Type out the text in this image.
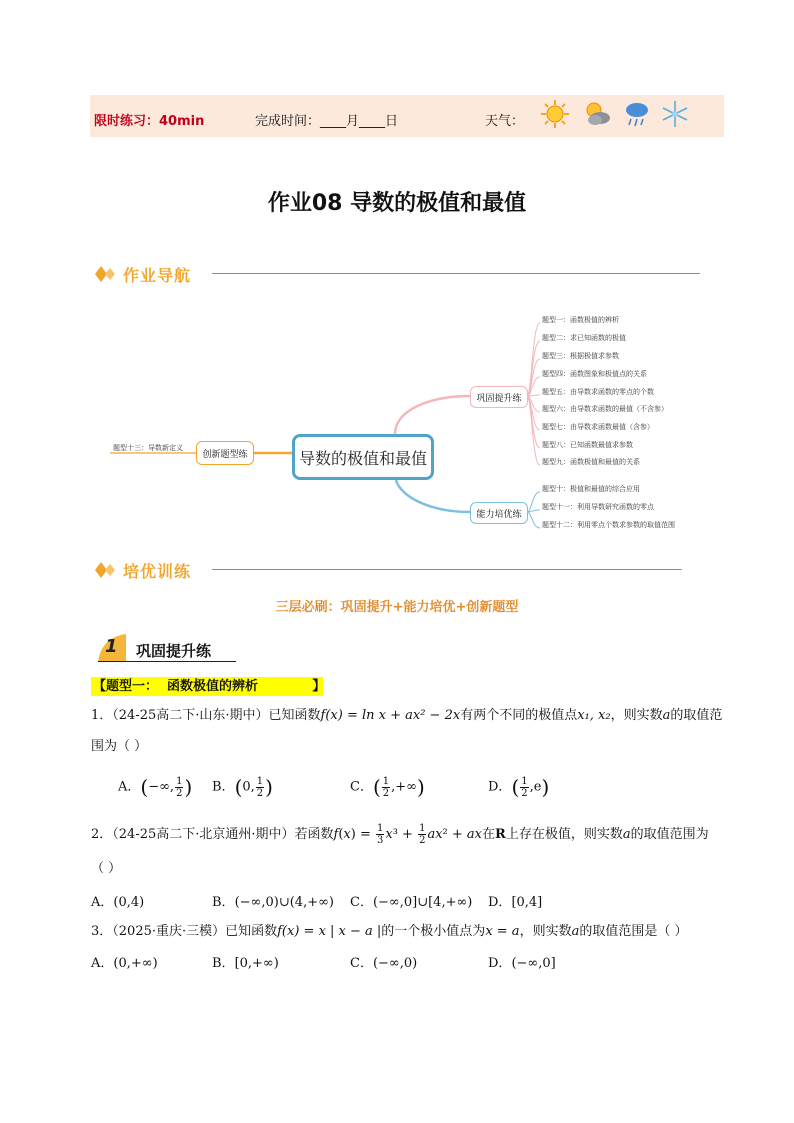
限时练习：40min	完成时间：____月____日	天气：
作业08 导数的极值和最值
作业导航
题型十三：导数新定义
创新题型练	导数的极值和最值
巩固提升练
能力培优练
题型一：函数极值的辨析
题型二：求已知函数的极值
题型三：根据极值求参数
题型四：函数图象和极值点的关系
题型五：由导数求函数的零点的个数
题型六：由导数求函数的最值（不含参）
题型七：由导数求函数最值（含参）
题型八：已知函数最值求参数
题型九：函数极值和最值的关系
题型十：极值和最值的综合应用
题型十一：利用导数研究函数的零点
题型十二：利用零点个数求参数的取值范围
培优训练
三层必刷：巩固提升+能力培优+创新题型
1 巩固提升练
【题型一：  函数极值的辨析            】
1．（24-25高二下·山东·期中）已知函数f(x) = ln x + ax² − 2x有两个不同的极值点x₁, x₂，则实数a的取值范
围为（ ）
A．(−∞, $\frac{1}{2}$ ) B．(0, $\frac{1}{2}$ )	C．( $\frac{1}{2}$ ,+∞)	D．( $\frac{1}{2} ,e$)
2．（24-25高二下·北京通州·期中）若函数$f(x) = \frac{1}{3} x^3 + \frac{1}{2} ax^2$ + ax在R上存在极值，则实数a的取值范围为
（ ）
A．(0,4)	B．(−∞,0)∪(4,+∞) C．(−∞,0]∪[4,+∞) D．[0,4]
3．（2025·重庆·三模）已知函数f(x) = x | x − a |的一个极小值点为x = a，则实数a的取值范围是（ ）
A．(0,+∞)	B．[0,+∞)	C．(−∞,0)	D．(−∞,0]
